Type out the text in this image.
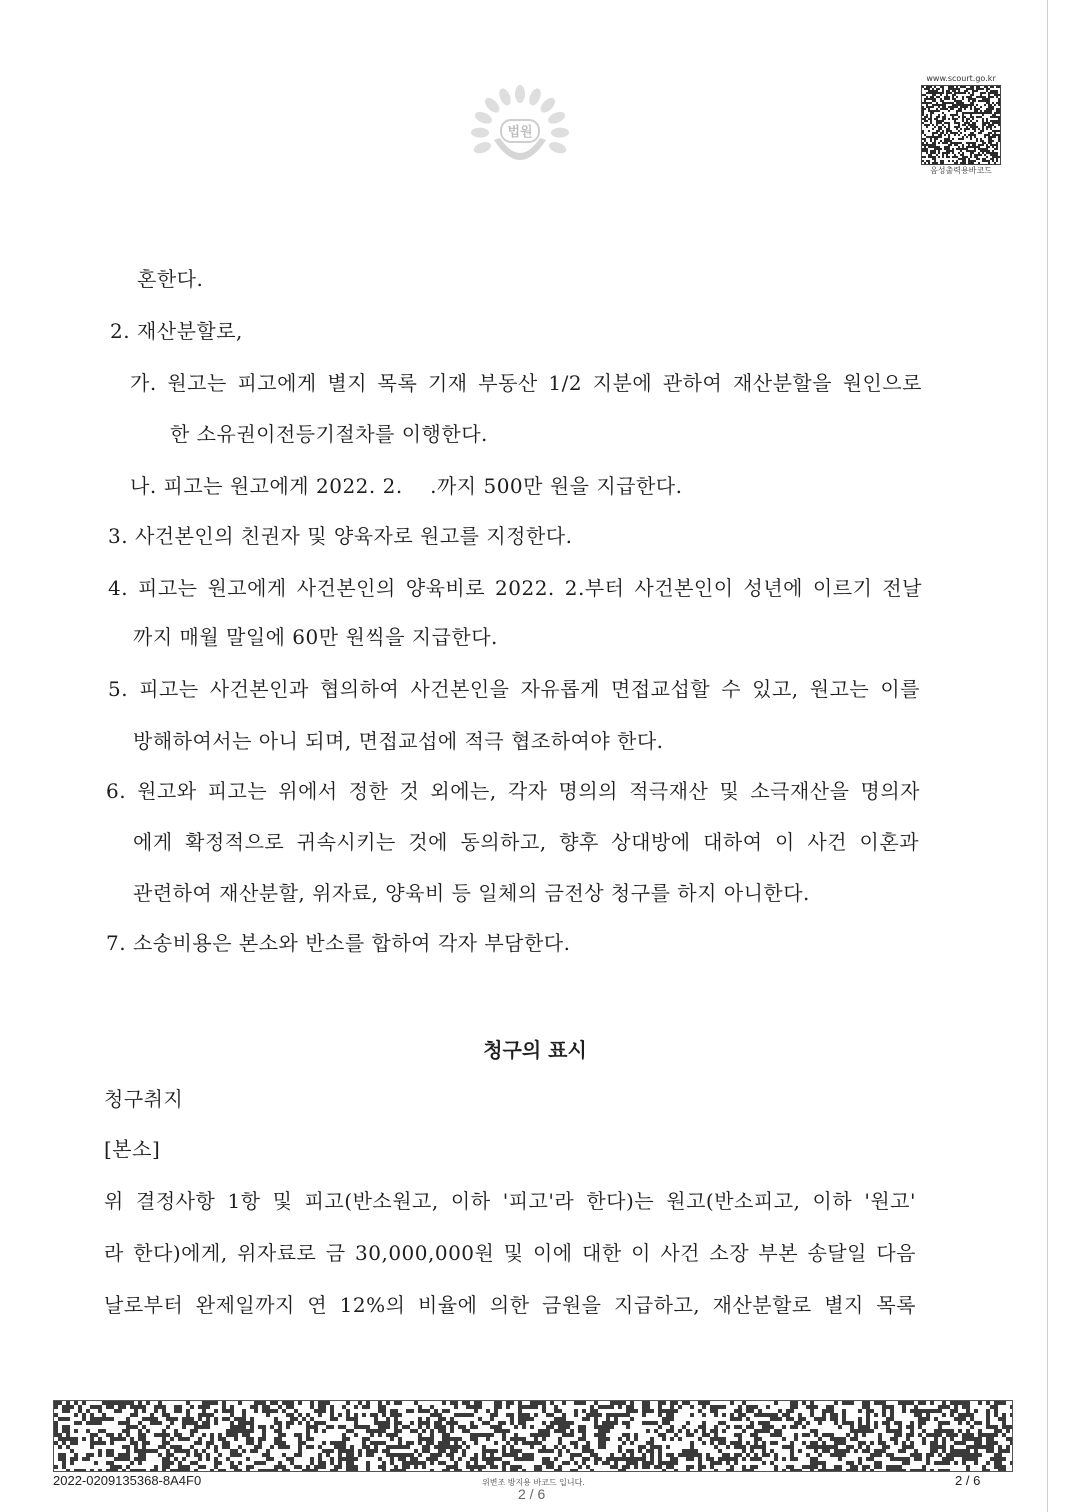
법원
www.scourt.go.kr
음성출력용바코드
혼한다.
2. 재산분할로,
가. 원고는 피고에게 별지 목록 기재 부동산 1/2 지분에 관하여 재산분할을 원인으로
한 소유권이전등기절차를 이행한다.
나. 피고는 원고에게 2022. 2.    .까지 500만 원을 지급한다.
3. 사건본인의 친권자 및 양육자로 원고를 지정한다.
4. 피고는 원고에게 사건본인의 양육비로 2022. 2.부터 사건본인이 성년에 이르기 전날
까지 매월 말일에 60만 원씩을 지급한다.
5. 피고는 사건본인과 협의하여 사건본인을 자유롭게 면접교섭할 수 있고, 원고는 이를
방해하여서는 아니 되며, 면접교섭에 적극 협조하여야 한다.
6. 원고와 피고는 위에서 정한 것 외에는, 각자 명의의 적극재산 및 소극재산을 명의자
에게 확정적으로 귀속시키는 것에 동의하고, 향후 상대방에 대하여 이 사건 이혼과
관련하여 재산분할, 위자료, 양육비 등 일체의 금전상 청구를 하지 아니한다.
7. 소송비용은 본소와 반소를 합하여 각자 부담한다.
청구의 표시
청구취지
[본소]
위 결정사항 1항 및 피고(반소원고, 이하 '피고'라 한다)는 원고(반소피고, 이하 '원고'
라 한다)에게, 위자료로 금 30,000,000원 및 이에 대한 이 사건 소장 부본 송달일 다음
날로부터 완제일까지 연 12%의 비율에 의한 금원을 지급하고, 재산분할로 별지 목록
2022-0209135368-8A4F0	위변조 방지용 바코드 입니다.
2 / 6
2 / 6
